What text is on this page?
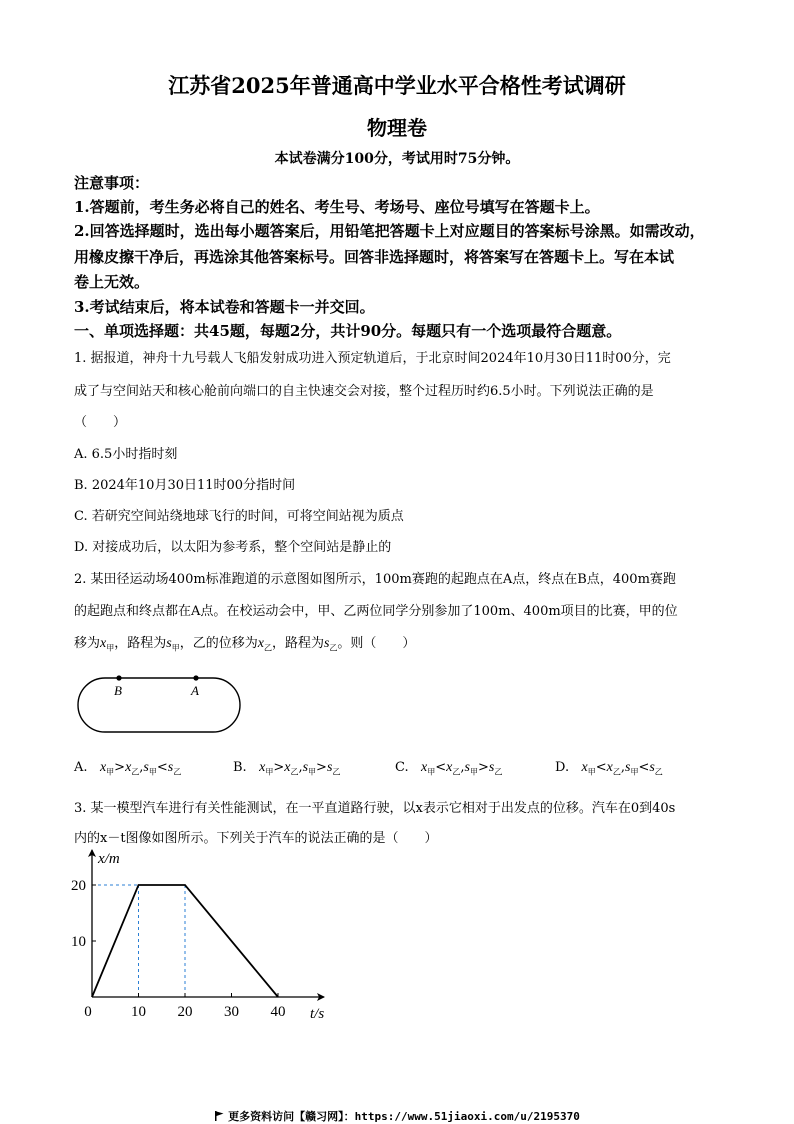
江苏省2025年普通高中学业水平合格性考试调研
物理卷
本试卷满分100分，考试用时75分钟。
注意事项：
1.答题前，考生务必将自己的姓名、考生号、考场号、座位号填写在答题卡上。
2.回答选择题时，选出每小题答案后，用铅笔把答题卡上对应题目的答案标号涂黑。如需改动，
用橡皮擦干净后，再选涂其他答案标号。回答非选择题时，将答案写在答题卡上。写在本试
卷上无效。
3.考试结束后，将本试卷和答题卡一并交回。
一、单项选择题：共45题，每题2分，共计90分。每题只有一个选项最符合题意。
1. 据报道，神舟十九号载人飞船发射成功进入预定轨道后，于北京时间2024年10月30日11时00分，完
成了与空间站天和核心舱前向端口的自主快速交会对接，整个过程历时约6.5小时。下列说法正确的是
（　　）
A. 6.5小时指时刻
B. 2024年10月30日11时00分指时间
C. 若研究空间站绕地球飞行的时间，可将空间站视为质点
D. 对接成功后，以太阳为参考系，整个空间站是静止的
2. 某田径运动场400m标准跑道的示意图如图所示，100m赛跑的起跑点在A点，终点在B点，400m赛跑
的起跑点和终点都在A点。在校运动会中，甲、乙两位同学分别参加了100m、400m项目的比赛，甲的位
移为$x_甲$，路程为$s_甲$，乙的位移为$x_乙$，路程为$s_乙$。则（　　）
B	A
A. $x_甲>x_乙,s_甲<s_乙$	B. $x_甲>x_乙,s_甲>s_乙$	C. $x_甲<x_乙,s_甲>s_乙$	D. $x_甲<x_乙,s_甲<s_乙$
3. 某一模型汽车进行有关性能测试，在一平直道路行驶，以x表示它相对于出发点的位移。汽车在0到40s
内的x－t图像如图所示。下列关于汽车的说法正确的是（　　）
0	10 20 30 40
10
20
t/s
x/m
更多资料访问【赣习网】：https://www.51jiaoxi.com/u/2195370
